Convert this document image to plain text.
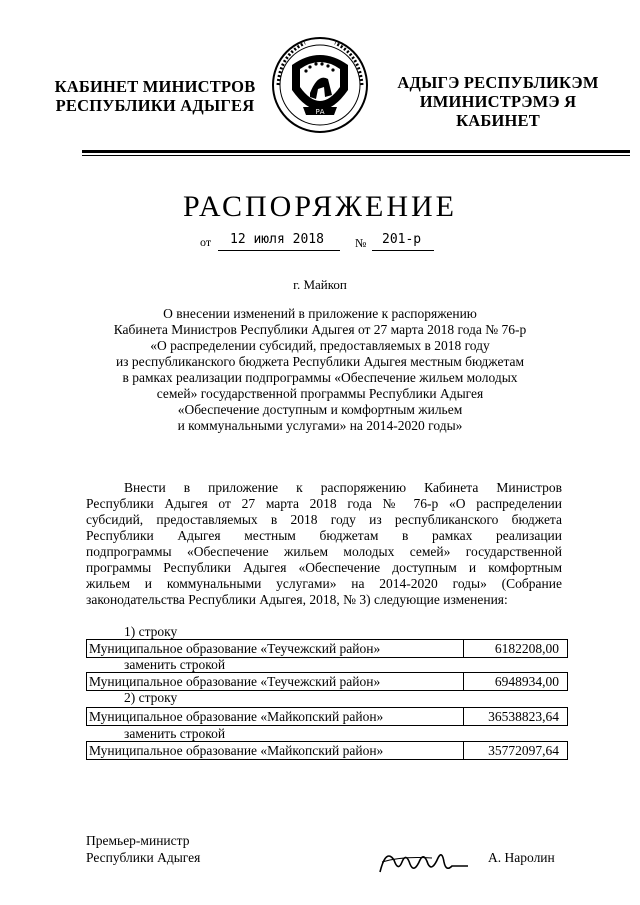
КАБИНЕТ МИНИСТРОВ
РЕСПУБЛИКИ АДЫГЕЯ	РА
АДЫГЭ РЕСПУБЛИКЭМ
ИМИНИСТРЭМЭ Я КАБИНЕТ
РАСПОРЯЖЕНИЕ
от 12 июля 2018	№ 201-р
г. Майкоп
О внесении изменений в приложение к распоряжению
Кабинета Министров Республики Адыгея от 27 марта 2018 года № 76-р
«О распределении субсидий, предоставляемых в 2018 году
из республиканского бюджета Республики Адыгея местным бюджетам
в рамках реализации подпрограммы «Обеспечение жильем молодых
семей» государственной программы Республики Адыгея
«Обеспечение доступным и комфортным жильем
и коммунальными услугами» на 2014-2020 годы»
Внести в приложение к распоряжению Кабинета Министров
Республики Адыгея от 27 марта 2018 года № 76-р «О распределении
субсидий, предоставляемых в 2018 году из республиканского бюджета
Республики Адыгея местным бюджетам в рамках реализации
подпрограммы «Обеспечение жильем молодых семей» государственной
программы Республики Адыгея «Обеспечение доступным и комфортным
жильем и коммунальными услугами» на 2014-2020 годы» (Собрание
законодательства Республики Адыгея, 2018, № 3) следующие изменения:
1) строку
Муниципальное образование «Теучежский район»	6182208,00
заменить строкой
Муниципальное образование «Теучежский район»	6948934,00
2) строку
Муниципальное образование «Майкопский район»	36538823,64
заменить строкой
Муниципальное образование «Майкопский район»	35772097,64
Премьер-министр
Республики Адыгея	А. Наролин
